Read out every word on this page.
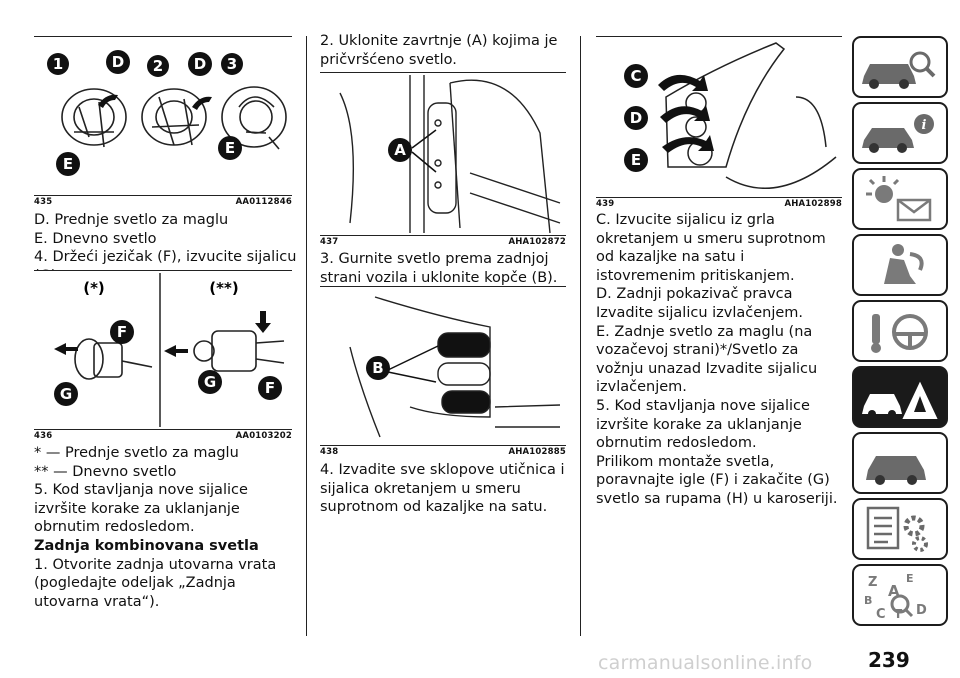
1	D 2 D 3
E
E
435	AA0112846

D. Prednje svetlo za maglu

E. Dnevno svetlo

4. Držeći jezičak (F), izvucite sijalicu

(*)	(**)
F
G
G	F
436	AA0103202

* — Prednje svetlo za maglu

** — Dnevno svetlo

5. Kod stavljanja nove sijalice izvršite korake za uklanjanje obrnutim redosledom.

Zadnja kombinovana svetla

1. Otvorite zadnja utovarna vrata (pogledajte odeljak „Zadnja utovarna vrata“).

2. Uklonite zavrtnje (A) kojima je pričvršćeno svetlo.

A
437	AHA102872

3. Gurnite svetlo prema zadnjoj strani vozila i uklonite kopče (B).

B
438	AHA102885

4. Izvadite sve sklopove utičnica i sijalica okretanjem u smeru suprotnom od kazaljke na satu.

C
D
E
439	AHA102898

C. Izvucite sijalicu iz grla okretanjem u smeru suprotnom od kazaljke na satu i istovremenim pritiskanjem.

D. Zadnji pokazivač pravca Izvadite sijalicu izvlačenjem.

E. Zadnje svetlo za maglu (na vozačevoj strani)*/Svetlo za vožnju unazad Izvadite sijalicu izvlačenjem.

5. Kod stavljanja nove sijalice izvršite korake za uklanjanje obrnutim redosledom.

Prilikom montaže svetla, poravnajte igle (F) i zakačite (G) svetlo sa rupama (H) u karoseriji.

i
Z	E
A
B
C T D
carmanualsonline.info	239
